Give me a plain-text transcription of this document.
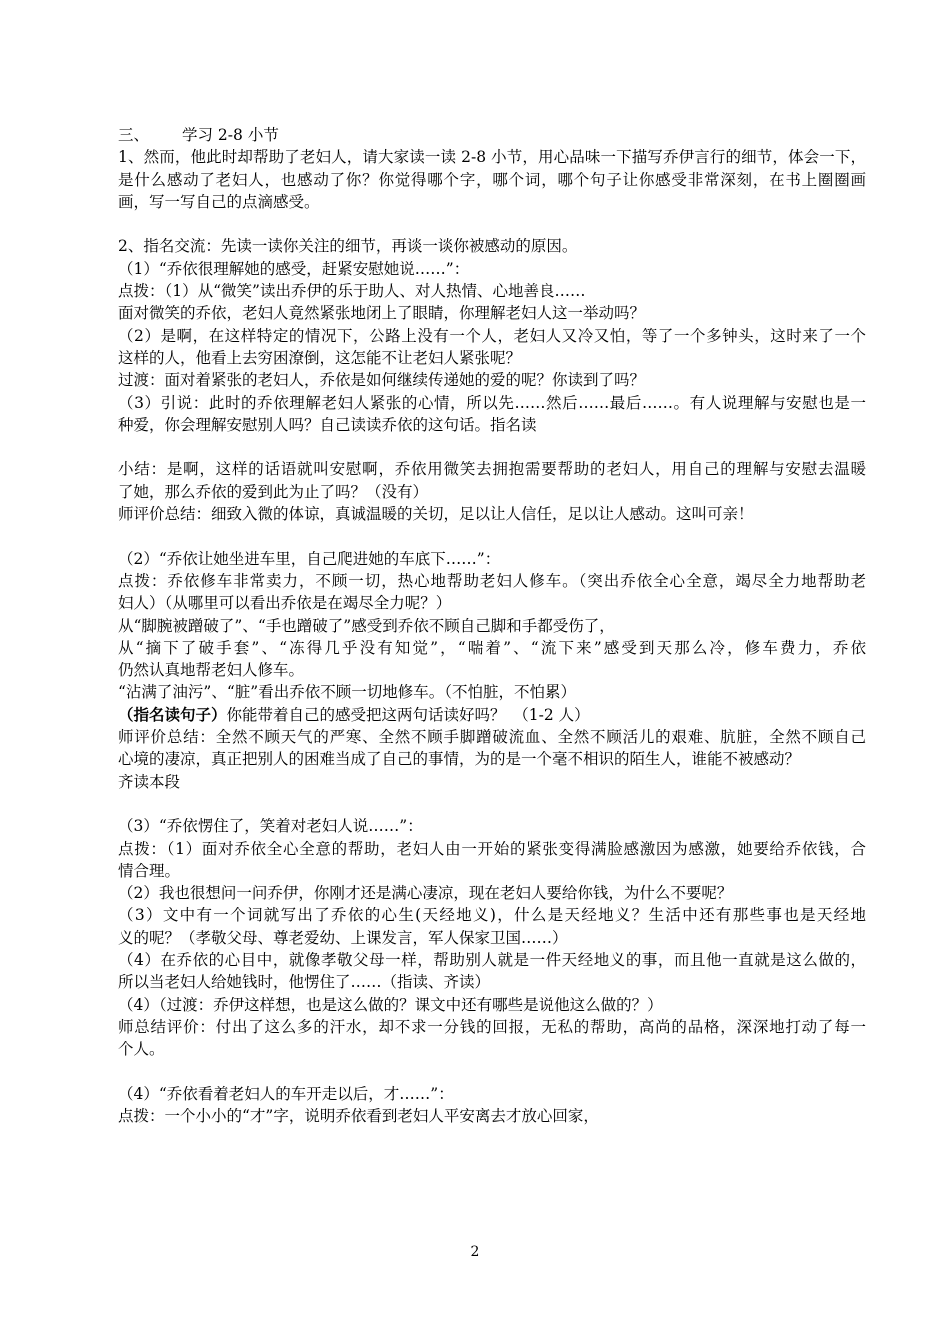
三、 学习 2-8 小节
1、然而，他此时却帮助了老妇人，请大家读一读 2-8 小节，用心品味一下描写乔伊言行的细节，体会一下，
是什么感动了老妇人，也感动了你？你觉得哪个字，哪个词，哪个句子让你感受非常深刻，在书上圈圈画
画，写一写自己的点滴感受。
2、指名交流：先读一读你关注的细节，再谈一谈你被感动的原因。
（1）“乔依很理解她的感受，赶紧安慰她说……”：
点拨：（1）从“微笑”读出乔伊的乐于助人、对人热情、心地善良……
面对微笑的乔依，老妇人竟然紧张地闭上了眼睛，你理解老妇人这一举动吗？
（2）是啊，在这样特定的情况下，公路上没有一个人，老妇人又冷又怕，等了一个多钟头，这时来了一个
这样的人，他看上去穷困潦倒，这怎能不让老妇人紧张呢？
过渡：面对着紧张的老妇人，乔依是如何继续传递她的爱的呢？你读到了吗？
（3）引说：此时的乔依理解老妇人紧张的心情，所以先……然后……最后……。有人说理解与安慰也是一
种爱，你会理解安慰别人吗？自己读读乔依的这句话。指名读
小结：是啊，这样的话语就叫安慰啊，乔依用微笑去拥抱需要帮助的老妇人，用自己的理解与安慰去温暖
了她，那么乔依的爱到此为止了吗？（没有）
师评价总结：细致入微的体谅，真诚温暖的关切，足以让人信任，足以让人感动。这叫可亲！
（2）“乔依让她坐进车里，自己爬进她的车底下……”：
点拨：乔依修车非常卖力，不顾一切，热心地帮助老妇人修车。（突出乔依全心全意，竭尽全力地帮助老
妇人）（从哪里可以看出乔依是在竭尽全力呢？）
从“脚腕被蹭破了”、“手也蹭破了”感受到乔依不顾自己脚和手都受伤了，
从“摘下了破手套”、“冻得几乎没有知觉”，“喘着”、“流下来”感受到天那么冷，修车费力，乔依
仍然认真地帮老妇人修车。
“沾满了油污”、“脏”看出乔依不顾一切地修车。（不怕脏，不怕累）
（指名读句子）你能带着自己的感受把这两句话读好吗？　（1-2 人）
师评价总结：全然不顾天气的严寒、全然不顾手脚蹭破流血、全然不顾活儿的艰难、肮脏，全然不顾自己
心境的凄凉，真正把别人的困难当成了自己的事情，为的是一个毫不相识的陌生人，谁能不被感动？
齐读本段
（3）“乔依愣住了，笑着对老妇人说……”：
点拨：（1）面对乔依全心全意的帮助，老妇人由一开始的紧张变得满脸感激因为感激，她要给乔依钱，合
情合理。
（2）我也很想问一问乔伊，你刚才还是满心凄凉，现在老妇人要给你钱，为什么不要呢？
（3）文中有一个词就写出了乔依的心生(天经地义)，什么是天经地义？生活中还有那些事也是天经地
义的呢？（孝敬父母、尊老爱幼、上课发言，军人保家卫国……）
（4）在乔依的心目中，就像孝敬父母一样，帮助别人就是一件天经地义的事，而且他一直就是这么做的，
所以当老妇人给她钱时，他愣住了……（指读、齐读）
（4）（过渡：乔伊这样想，也是这么做的？课文中还有哪些是说他这么做的？）
师总结评价：付出了这么多的汗水，却不求一分钱的回报，无私的帮助，高尚的品格，深深地打动了每一
个人。
（4）“乔依看着老妇人的车开走以后，才……”：
点拨：一个小小的“才”字，说明乔依看到老妇人平安离去才放心回家，
2
